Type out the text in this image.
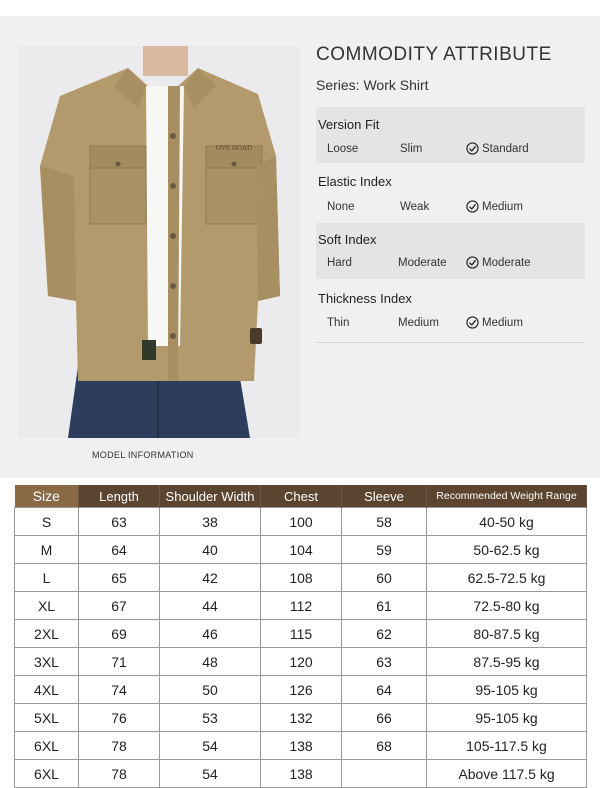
OVE HOAD
MODEL INFORMATION
COMMODITY ATTRIBUTE
Series: Work Shirt
Version Fit
Loose	Slim	Standard
Elastic Index
None	Weak	Medium
Soft Index
Hard	Moderate	Moderate
Thickness Index
Thin	Medium	Medium
Size	Length	Shoulder Width	Chest	Sleeve	Recommended Weight Range
S	63	38	100	58	40-50 kg
M	64	40	104	59	50-62.5 kg
L	65	42	108	60	62.5-72.5 kg
XL	67	44	112	61	72.5-80 kg
2XL	69	46	115	62	80-87.5 kg
3XL	71	48	120	63	87.5-95 kg
4XL	74	50	126	64	95-105 kg
5XL	76	53	132	66	95-105 kg
6XL	78	54	138	68	105-117.5 kg
6XL	78	54	138		Above 117.5 kg
